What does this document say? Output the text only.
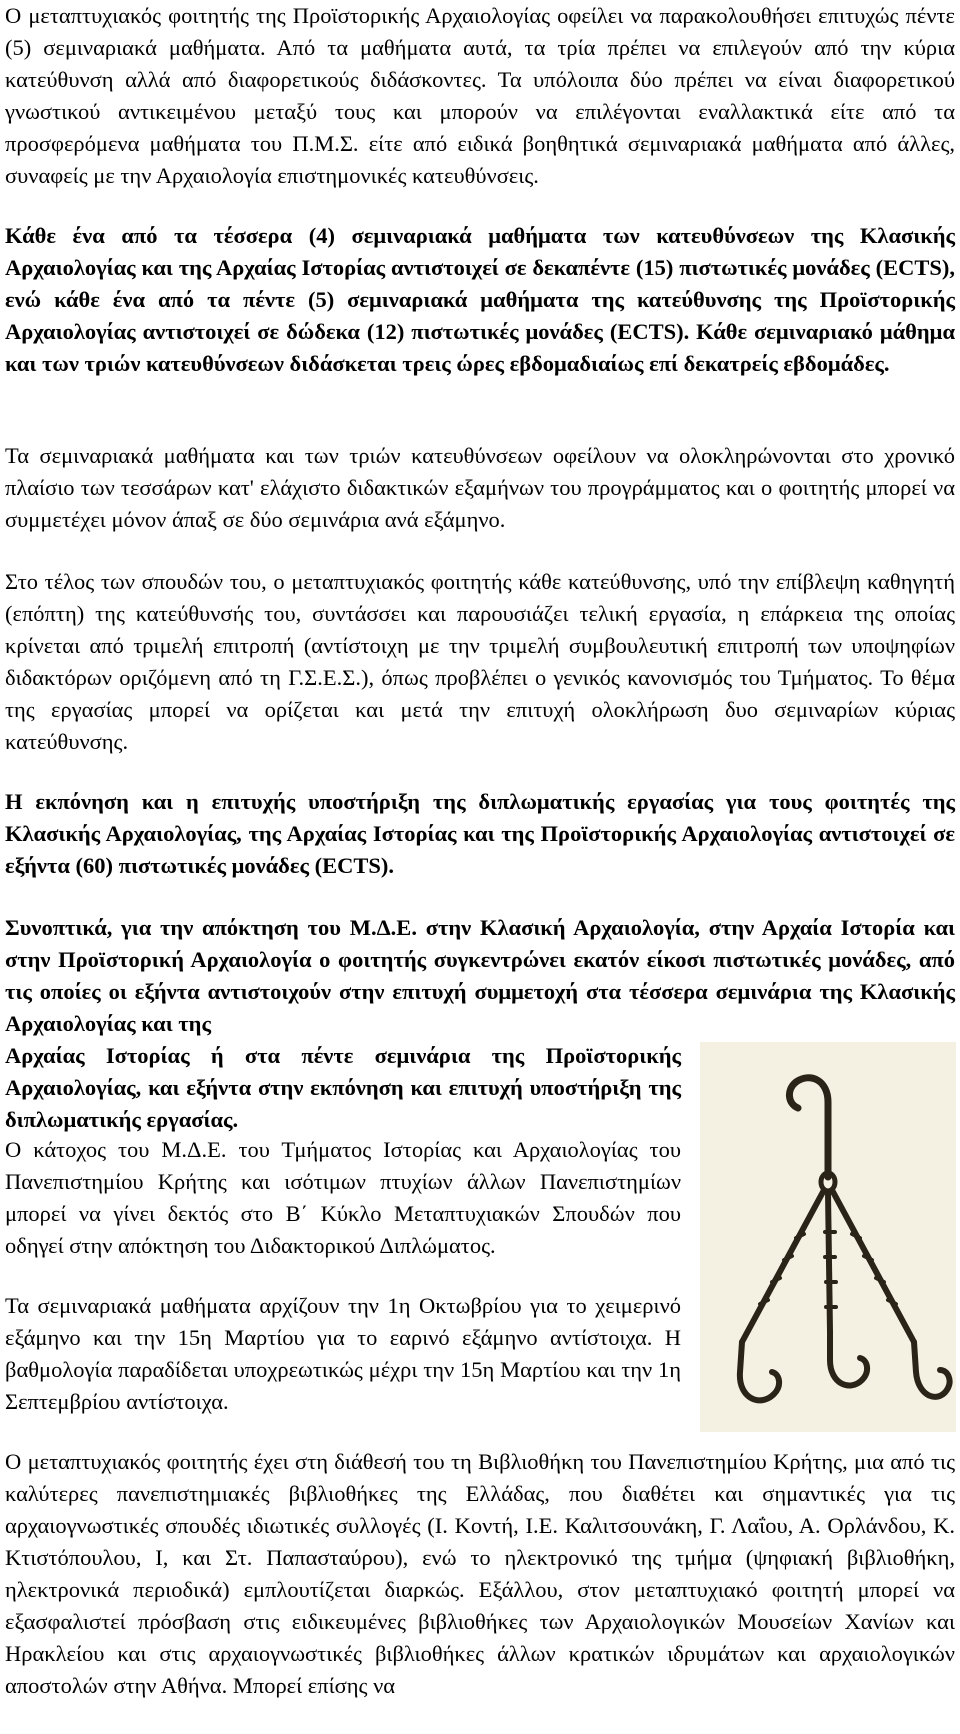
Ο μεταπτυχιακός φοιτητής της Προϊστορικής Αρχαιολογίας οφείλει να παρακολουθήσει επιτυχώς πέντε (5) σεμιναριακά μαθήματα. Από τα μαθήματα αυτά, τα τρία πρέπει να επιλεγούν από την κύρια κατεύθυνση αλλά από διαφορετικούς διδάσκοντες. Τα υπόλοιπα δύο πρέπει να είναι διαφορετικού γνωστικού αντικειμένου μεταξύ τους και μπορούν να επιλέγονται εναλλακτικά είτε από τα προσφερόμενα μαθήματα του Π.Μ.Σ. είτε από ειδικά βοηθητικά σεμιναριακά μαθήματα από άλλες, συναφείς με την Αρχαιολογία επιστημονικές κατευθύνσεις.

Κάθε ένα από τα τέσσερα (4) σεμιναριακά μαθήματα των κατευθύνσεων της Κλασικής Αρχαιολογίας και της Αρχαίας Ιστορίας αντιστοιχεί σε δεκαπέντε (15) πιστωτικές μονάδες (ECTS), ενώ κάθε ένα από τα πέντε (5) σεμιναριακά μαθήματα της κατεύθυνσης της Προϊστορικής Αρχαιολογίας αντιστοιχεί σε δώδεκα (12) πιστωτικές μονάδες (ECTS). Κάθε σεμιναριακό μάθημα και των τριών κατευθύνσεων διδάσκεται τρεις ώρες εβδομαδιαίως επί δεκατρείς εβδομάδες.

Τα σεμιναριακά μαθήματα και των τριών κατευθύνσεων οφείλουν να ολοκληρώνονται στο χρονικό πλαίσιο των τεσσάρων κατ' ελάχιστο διδακτικών εξαμήνων του προγράμματος και ο φοιτητής μπορεί να συμμετέχει μόνον άπαξ σε δύο σεμινάρια ανά εξάμηνο.

Στο τέλος των σπουδών του, ο μεταπτυχιακός φοιτητής κάθε κατεύθυνσης, υπό την επίβλεψη καθηγητή (επόπτη) της κατεύθυνσής του, συντάσσει και παρουσιάζει τελική εργασία, η επάρκεια της οποίας κρίνεται από τριμελή επιτροπή (αντίστοιχη με την τριμελή συμβουλευτική επιτροπή των υποψηφίων διδακτόρων οριζόμενη από τη Γ.Σ.Ε.Σ.), όπως προβλέπει ο γενικός κανονισμός του Τμήματος. Το θέμα της εργασίας μπορεί να ορίζεται και μετά την επιτυχή ολοκλήρωση δυο σεμιναρίων κύριας κατεύθυνσης.

Η εκπόνηση και η επιτυχής υποστήριξη της διπλωματικής εργασίας για τους φοιτητές της Κλασικής Αρχαιολογίας, της Αρχαίας Ιστορίας και της Προϊστορικής Αρχαιολογίας αντιστοιχεί σε εξήντα (60) πιστωτικές μονάδες (ECTS).

Συνοπτικά, για την απόκτηση του Μ.Δ.Ε. στην Κλασική Αρχαιολογία, στην Αρχαία Ιστορία και στην Προϊστορική Αρχαιολογία ο φοιτητής συγκεντρώνει εκατόν είκοσι πιστωτικές μονάδες, από τις οποίες οι εξήντα αντιστοιχούν στην επιτυχή συμμετοχή στα τέσσερα σεμινάρια της Κλασικής Αρχαιολογίας και της

Αρχαίας Ιστορίας ή στα πέντε σεμινάρια της Προϊστορικής Αρχαιολογίας, και εξήντα στην εκπόνηση και επιτυχή υποστήριξη της διπλωματικής εργασίας.

Ο κάτοχος του Μ.Δ.Ε. του Τμήματος Ιστορίας και Αρχαιολογίας του Πανεπιστημίου Κρήτης και ισότιμων πτυχίων άλλων Πανεπιστημίων μπορεί να γίνει δεκτός στο Β΄ Κύκλο Μεταπτυχιακών Σπουδών που οδηγεί στην απόκτηση του Διδακτορικού Διπλώματος.

Τα σεμιναριακά μαθήματα αρχίζουν την 1η Οκτωβρίου για το χειμερινό εξάμηνο και την 15η Μαρτίου για το εαρινό εξάμηνο αντίστοιχα. Η βαθμολογία παραδίδεται υποχρεωτικώς μέχρι την 15η Μαρτίου και την 1η Σεπτεμβρίου αντίστοιχα.

Ο μεταπτυχιακός φοιτητής έχει στη διάθεσή του τη Βιβλιοθήκη του Πανεπιστημίου Κρήτης, μια από τις καλύτερες πανεπιστημιακές βιβλιοθήκες της Ελλάδας, που διαθέτει και σημαντικές για τις αρχαιογνωστικές σπουδές ιδιωτικές συλλογές (Ι. Κοντή, Ι.Ε. Καλιτσουνάκη, Γ. Λαΐου, Α. Ορλάνδου, Κ. Κτιστόπουλου, Ι, και Στ. Παπασταύρου), ενώ το ηλεκτρονικό της τμήμα (ψηφιακή βιβλιοθήκη, ηλεκτρονικά περιοδικά) εμπλουτίζεται διαρκώς. Εξάλλου, στον μεταπτυχιακό φοιτητή μπορεί να εξασφαλιστεί πρόσβαση στις ειδικευμένες βιβλιοθήκες των Αρχαιολογικών Μουσείων Χανίων και Ηρακλείου και στις αρχαιογνωστικές βιβλιοθήκες άλλων κρατικών ιδρυμάτων και αρχαιολογικών αποστολών στην Αθήνα. Μπορεί επίσης να
